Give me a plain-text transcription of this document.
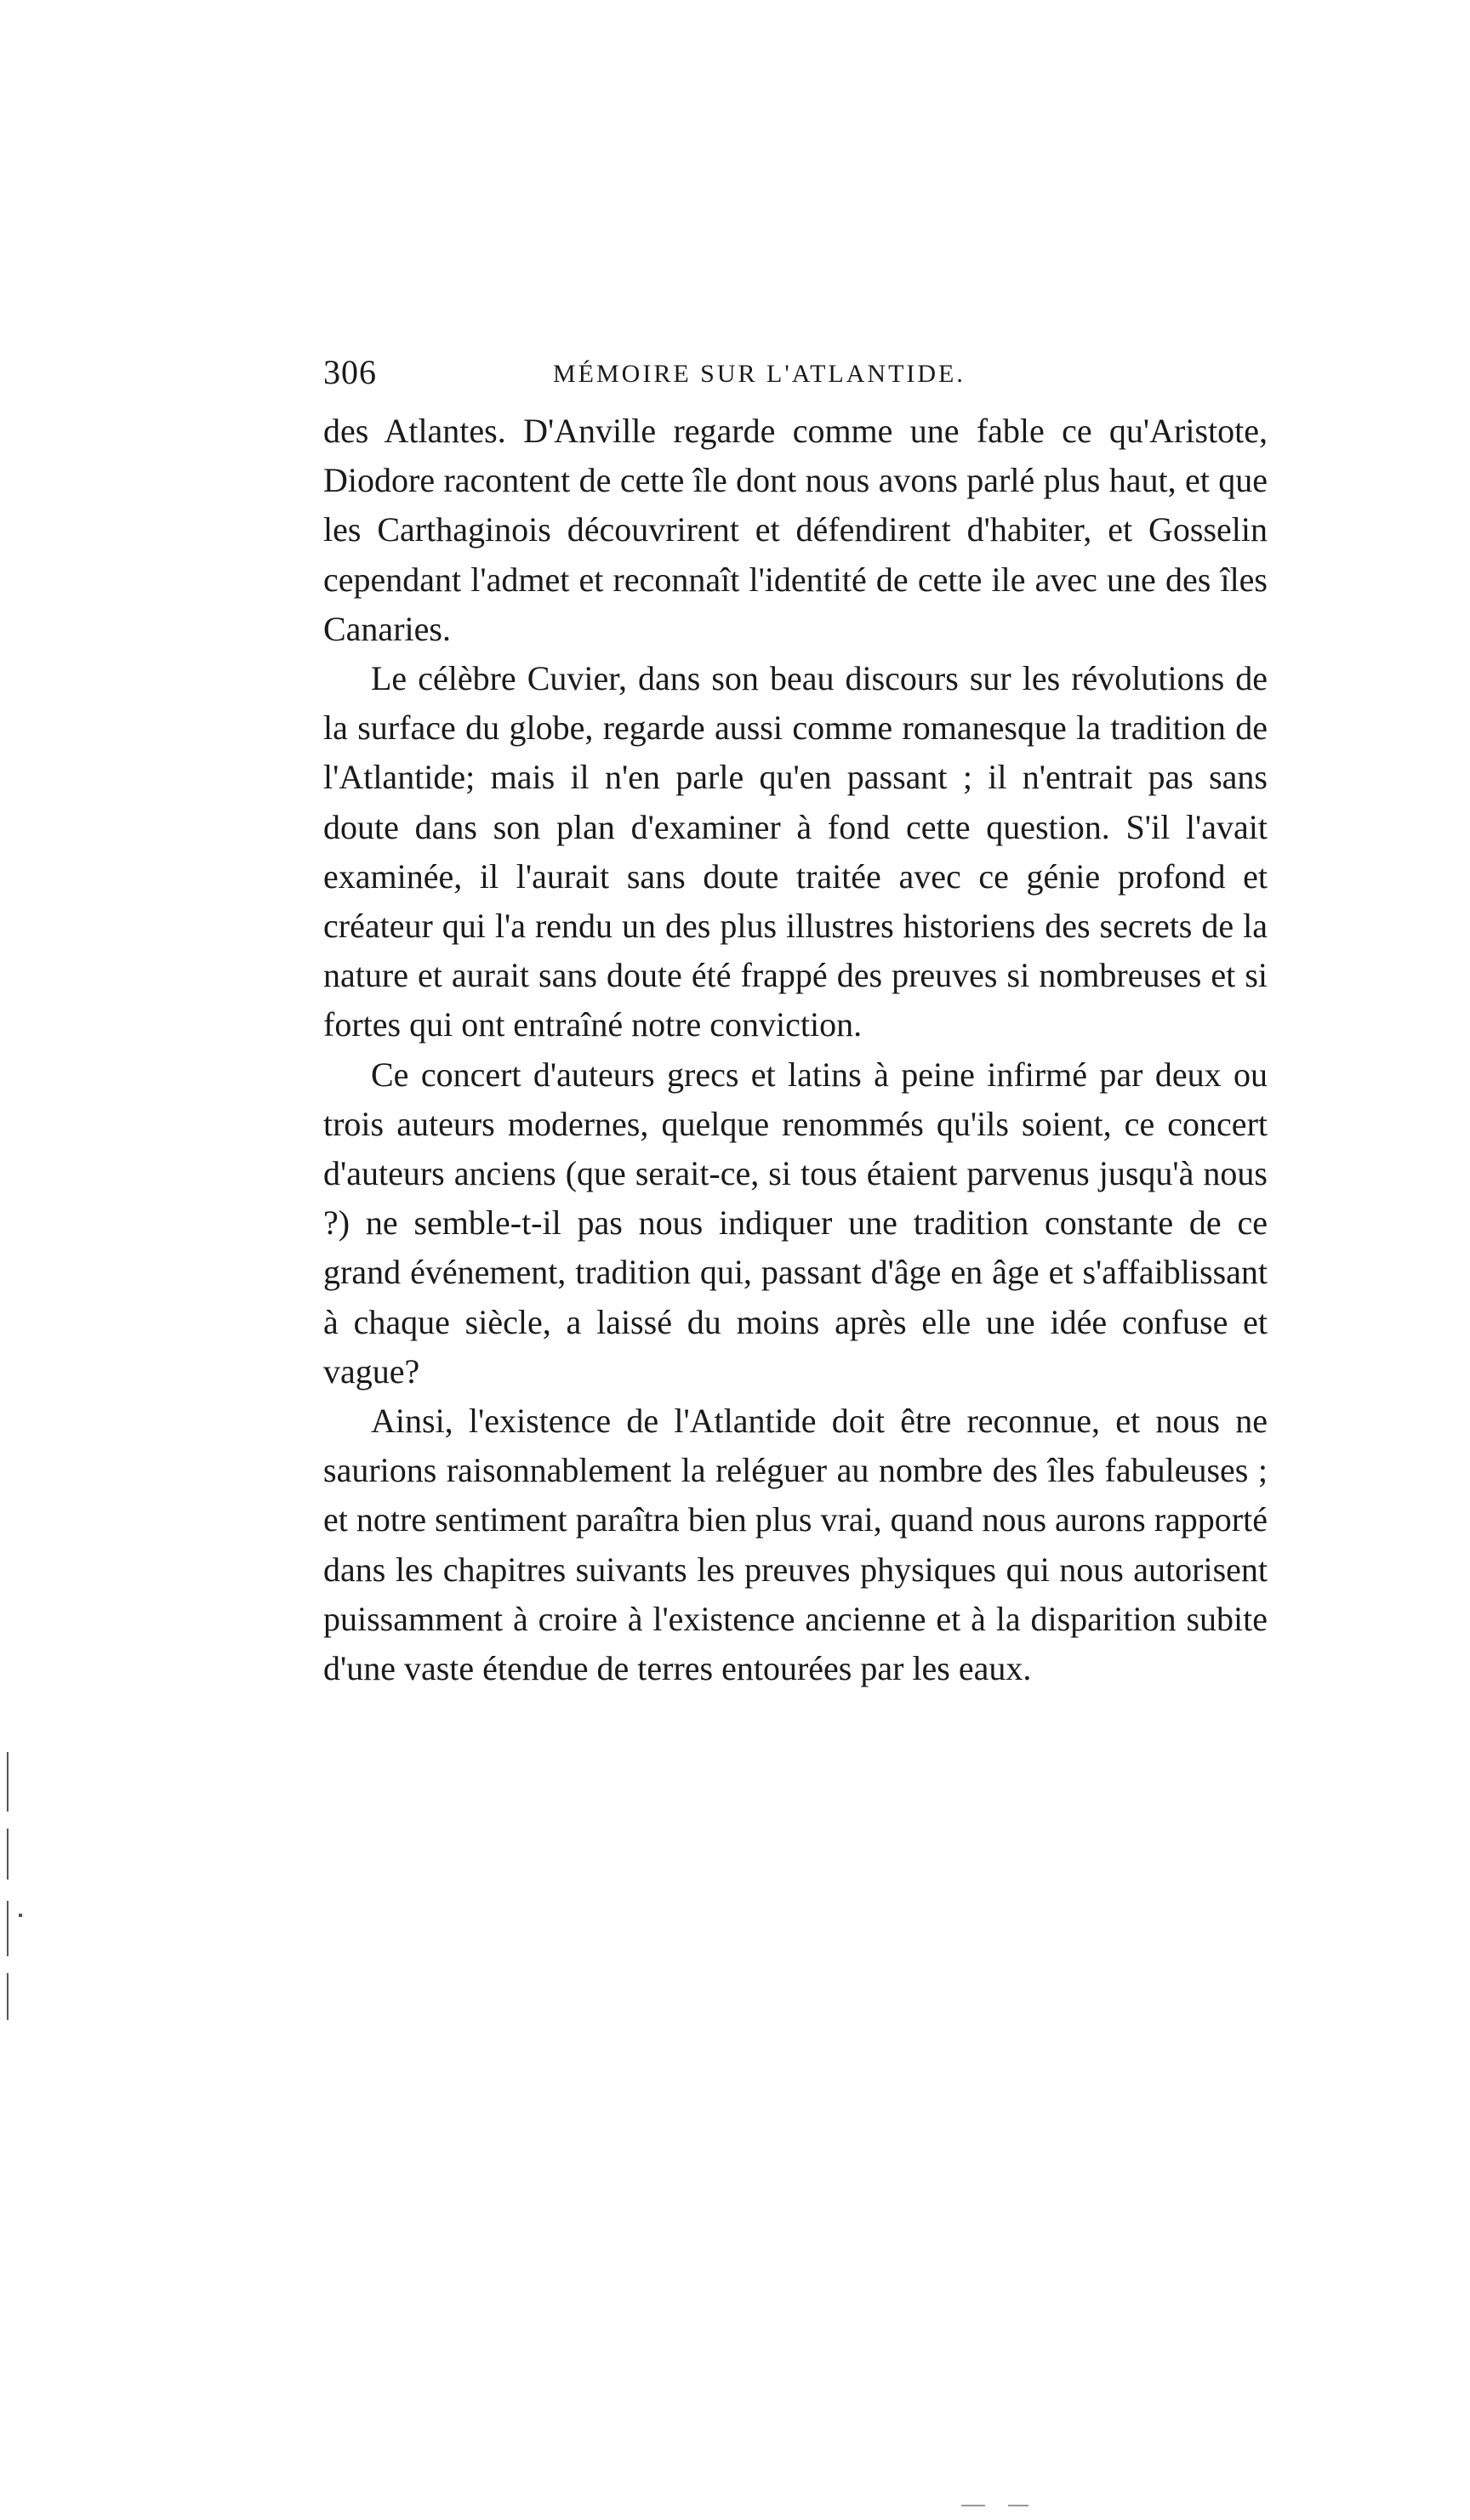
306	MÉMOIRE SUR L'ATLANTIDE.

des Atlantes. D'Anville regarde comme une fable ce qu'Aristote, Diodore racontent de cette île dont nous avons parlé plus haut, et que les Carthaginois découvrirent et défendirent d'habiter, et Gosselin cependant l'admet et reconnaît l'identité de cette ile avec une des îles Canaries.

Le célèbre Cuvier, dans son beau discours sur les révolutions de la surface du globe, regarde aussi comme romanesque la tradition de l'Atlantide; mais il n'en parle qu'en passant ; il n'entrait pas sans doute dans son plan d'examiner à fond cette question. S'il l'avait examinée, il l'aurait sans doute traitée avec ce génie profond et créateur qui l'a rendu un des plus illustres historiens des secrets de la nature et aurait sans doute été frappé des preuves si nombreuses et si fortes qui ont entraîné notre conviction.

Ce concert d'auteurs grecs et latins à peine infirmé par deux ou trois auteurs modernes, quelque renommés qu'ils soient, ce concert d'auteurs anciens (que serait-ce, si tous étaient parvenus jusqu'à nous ?) ne semble-t-il pas nous indiquer une tradition constante de ce grand événement, tradition qui, passant d'âge en âge et s'affaiblissant à chaque siècle, a laissé du moins après elle une idée confuse et vague?

Ainsi, l'existence de l'Atlantide doit être reconnue, et nous ne saurions raisonnablement la reléguer au nombre des îles fabuleuses ; et notre sentiment paraîtra bien plus vrai, quand nous aurons rapporté dans les chapitres suivants les preuves physiques qui nous autorisent puissamment à croire à l'existence ancienne et à la disparition subite d'une vaste étendue de terres entourées par les eaux.
